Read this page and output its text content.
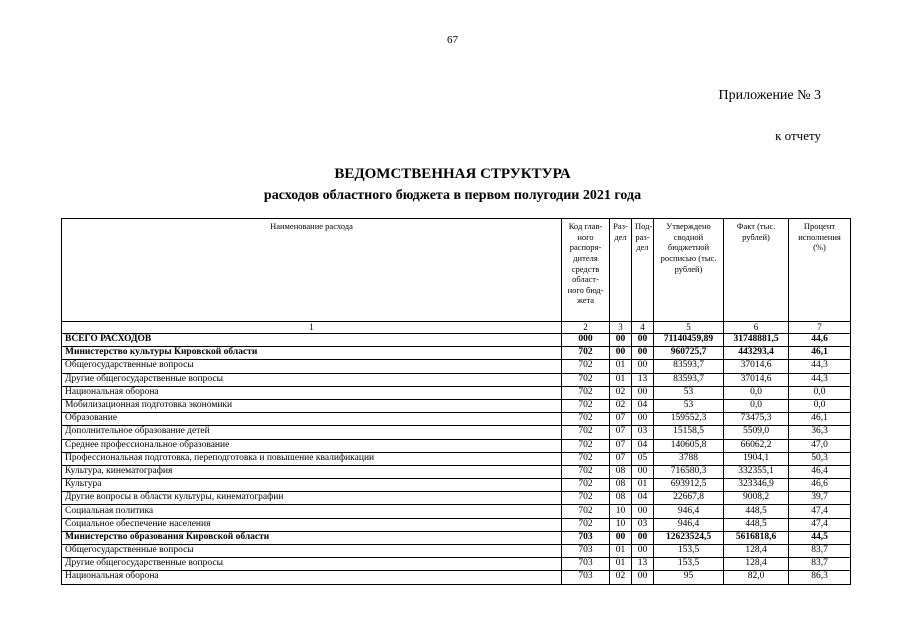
67
Приложение № 3
к отчету
ВЕДОМСТВЕННАЯ СТРУКТУРА
расходов областного бюджета в первом полугодии 2021 года
Наименование расхода	Код глав-ного распоря-дителя средств област-ного бюд-жета	Раз-дел	Под-раз-дел	Утверждено сводной бюджетной росписью (тыс. рублей)	Факт (тыс. рублей)	Процент исполнения (%)
1	2	3	4	5	6	7
ВСЕГО РАСХОДОВ	000	00	00	71140459,89	31748881,5	44,6
Министерство культуры Кировской области	702	00	00	960725,7	443293,4	46,1
Общегосударственные вопросы	702	01	00	83593,7	37014,6	44,3
Другие общегосударственные вопросы	702	01	13	83593,7	37014,6	44,3
Национальная оборона	702	02	00	53	0,0	0,0
Мобилизационная подготовка экономики	702	02	04	53	0,0	0,0
Образование	702	07	00	159552,3	73475,3	46,1
Дополнительное образование детей	702	07	03	15158,5	5509,0	36,3
Среднее профессиональное образование	702	07	04	140605,8	66062,2	47,0
Профессиональная подготовка, переподготовка и повышение квалификации	702	07	05	3788	1904,1	50,3
Культура, кинематография	702	08	00	716580,3	332355,1	46,4
Культура	702	08	01	693912,5	323346,9	46,6
Другие вопросы в области культуры, кинематографии	702	08	04	22667,8	9008,2	39,7
Социальная политика	702	10	00	946,4	448,5	47,4
Социальное обеспечение населения	702	10	03	946,4	448,5	47,4
Министерство образования Кировской области	703	00	00	12623524,5	5616818,6	44,5
Общегосударственные вопросы	703	01	00	153,5	128,4	83,7
Другие общегосударственные вопросы	703	01	13	153,5	128,4	83,7
Национальная оборона	703	02	00	95	82,0	86,3
